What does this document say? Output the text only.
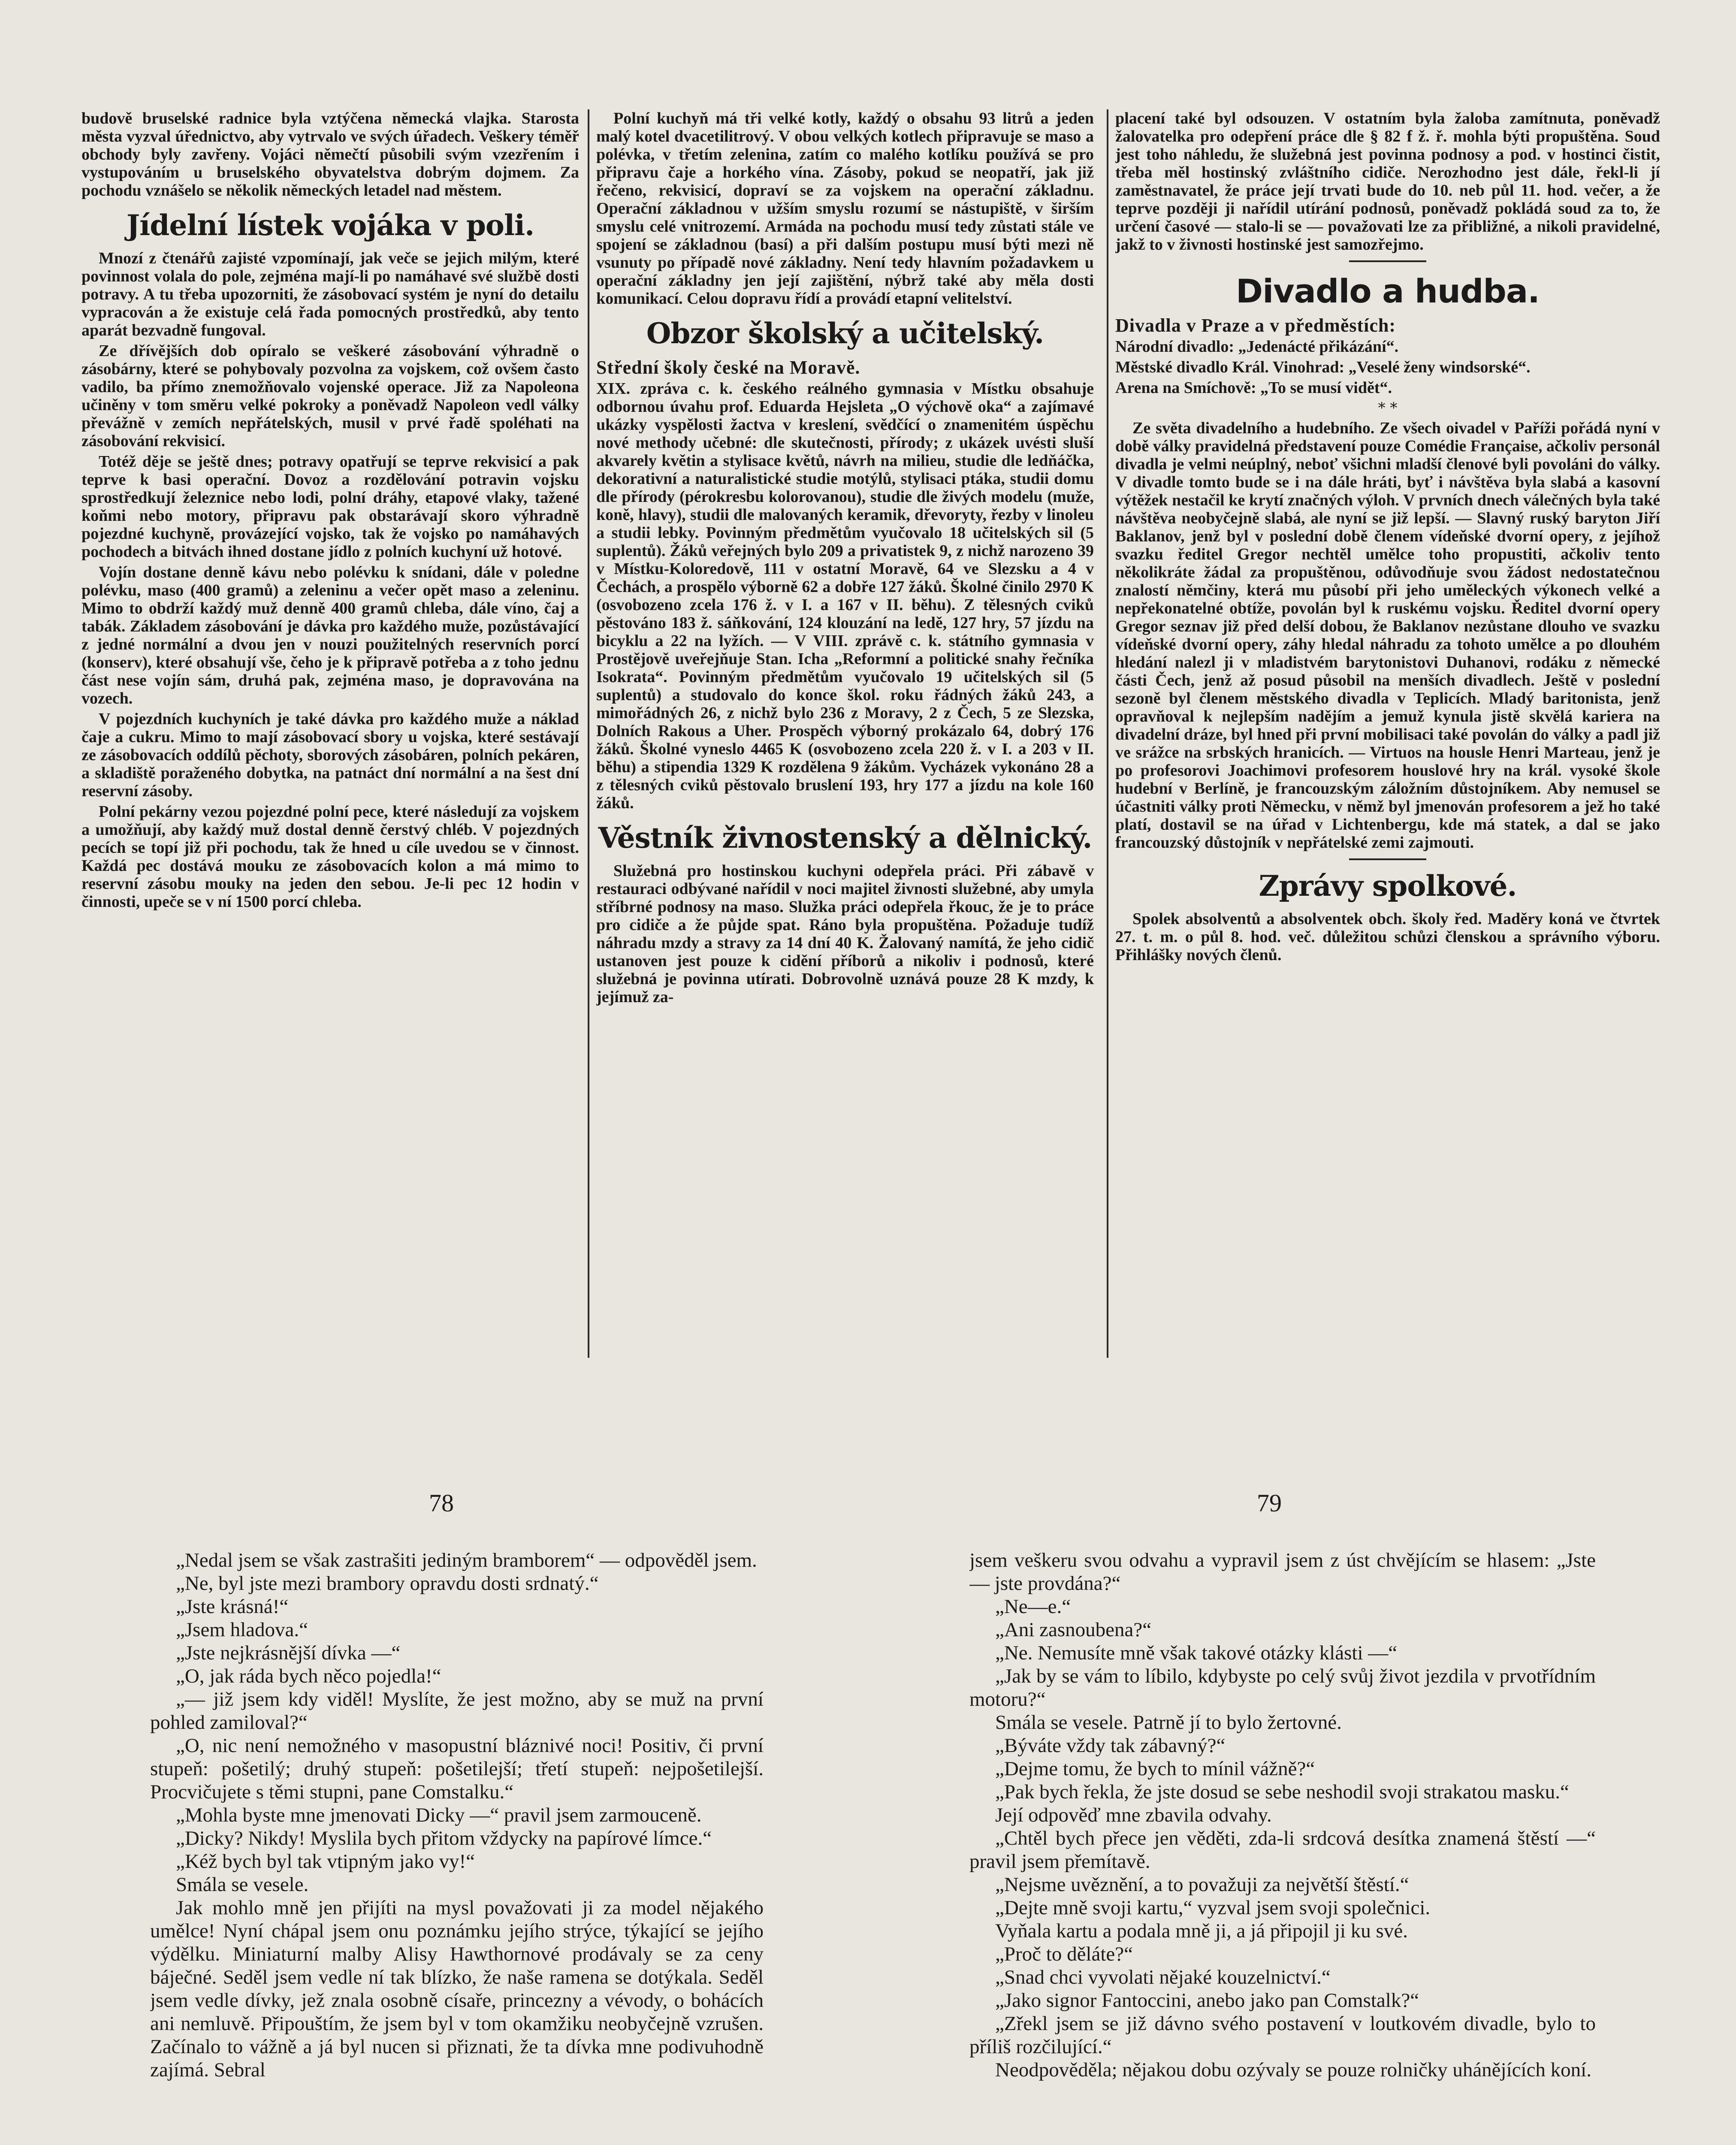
budově bruselské radnice byla vztýčena německá vlajka. Starosta města vyzval úřednictvo, aby vytrvalo ve svých úřadech. Veškery téměř obchody byly zavřeny. Vojáci němečtí působili svým vzezřením i vystupováním u bruselského obyvatelstva dobrým dojmem. Za pochodu vznášelo se několik německých letadel nad městem.

Jídelní lístek vojáka v poli.

Mnozí z čtenářů zajisté vzpomínají, jak veče se jejich milým, které povinnost volala do pole, zejména mají-li po namáhavé své službě dosti potravy. A tu třeba upozorniti, že zásobovací systém je nyní do detailu vypracován a že existuje celá řada pomocných prostředků, aby tento aparát bezvadně fungoval.

Ze dřívějších dob opíralo se veškeré zásobování výhradně o zásobárny, které se pohybovaly pozvolna za vojskem, což ovšem často vadilo, ba přímo znemožňovalo vojenské operace. Již za Napoleona učiněny v tom směru velké pokroky a poněvadž Napoleon vedl války převážně v zemích nepřátelských, musil v prvé řadě spoléhati na zásobování rekvisicí.

Totéž děje se ještě dnes; potravy opatřují se teprve rekvisicí a pak teprve k basi operační. Dovoz a rozdělování potravin vojsku sprostředkují železnice nebo lodi, polní dráhy, etapové vlaky, tažené koňmi nebo motory, připravu pak obstarávají skoro výhradně pojezdné kuchyně, provázející vojsko, tak že vojsko po namáhavých pochodech a bitvách ihned dostane jídlo z polních kuchyní už hotové.

Vojín dostane denně kávu nebo polévku k snídani, dále v poledne polévku, maso (400 gramů) a zeleninu a večer opět maso a zeleninu. Mimo to obdrží každý muž denně 400 gramů chleba, dále víno, čaj a tabák. Základem zásobování je dávka pro každého muže, pozůstávající z jedné normální a dvou jen v nouzi použitelných reservních porcí (konserv), které obsahují vše, čeho je k připravě potřeba a z toho jednu část nese vojín sám, druhá pak, zejména maso, je dopravována na vozech.

V pojezdních kuchyních je také dávka pro každého muže a náklad čaje a cukru. Mimo to mají zásobovací sbory u vojska, které sestávají ze zásobovacích oddílů pěchoty, sborových zásobáren, polních pekáren, a skladiště poraženého dobytka, na patnáct dní normální a na šest dní reservní zásoby.

Polní pekárny vezou pojezdné polní pece, které následují za vojskem a umožňují, aby každý muž dostal denně čerstvý chléb. V pojezdných pecích se topí již při pochodu, tak že hned u cíle uvedou se v činnost. Každá pec dostává mouku ze zásobovacích kolon a má mimo to reservní zásobu mouky na jeden den sebou. Je-li pec 12 hodin v činnosti, upeče se v ní 1500 porcí chleba.

Polní kuchyň má tři velké kotly, každý o obsahu 93 litrů a jeden malý kotel dvacetilitrový. V obou velkých kotlech připravuje se maso a polévka, v třetím zelenina, zatím co malého kotlíku používá se pro připravu čaje a horkého vína. Zásoby, pokud se neopatří, jak již řečeno, rekvisicí, dopraví se za vojskem na operační základnu. Operační základnou v užším smyslu rozumí se nástupiště, v širším smyslu celé vnitrozemí. Armáda na pochodu musí tedy zůstati stále ve spojení se základnou (basí) a při dalším postupu musí býti mezi ně vsunuty po případě nové základny. Není tedy hlavním požadavkem u operační základny jen její zajištění, nýbrž také aby měla dosti komunikací. Celou dopravu řídí a provádí etapní velitelství.

Obzor školský a učitelský.
Střední školy české na Moravě.

XIX. zpráva c. k. českého reálného gymnasia v Místku obsahuje odbornou úvahu prof. Eduarda Hejsleta „O výchově oka“ a zajímavé ukázky vyspělosti žactva v kreslení, svědčící o znamenitém úspěchu nové methody učebné: dle skutečnosti, přírody; z ukázek uvésti sluší akvarely květin a stylisace květů, návrh na milieu, studie dle ledňáčka, dekorativní a naturalistické studie motýlů, stylisaci ptáka, studii domu dle přírody (pérokresbu kolorovanou), studie dle živých modelu (muže, koně, hlavy), studii dle malovaných keramik, dřevoryty, řezby v linoleu a studii lebky. Povinným předmětům vyučovalo 18 učitelských sil (5 suplentů). Žáků veřejných bylo 209 a privatistek 9, z nichž narozeno 39 v Místku-Koloredově, 111 v ostatní Moravě, 64 ve Slezsku a 4 v Čechách, a prospělo výborně 62 a dobře 127 žáků. Školné činilo 2970 K (osvobozeno zcela 176 ž. v I. a 167 v II. běhu). Z tělesných cviků pěstováno 183 ž. sáňkování, 124 klouzání na ledě, 127 hry, 57 jízdu na bicyklu a 22 na lyžích. — V VIII. zprávě c. k. státního gymnasia v Prostějově uveřejňuje Stan. Icha „Reformní a politické snahy řečníka Isokrata“. Povinným předmětům vyučovalo 19 učitelských sil (5 suplentů) a studovalo do konce škol. roku řádných žáků 243, a mimořádných 26, z nichž bylo 236 z Moravy, 2 z Čech, 5 ze Slezska, Dolních Rakous a Uher. Prospěch výborný prokázalo 64, dobrý 176 žáků. Školné vyneslo 4465 K (osvobozeno zcela 220 ž. v I. a 203 v II. běhu) a stipendia 1329 K rozdělena 9 žákům. Vycházek vykonáno 28 a z tělesných cviků pěstovalo bruslení 193, hry 177 a jízdu na kole 160 žáků.

Věstník živnostenský a dělnický.

Služebná pro hostinskou kuchyni odepřela práci. Při zábavě v restauraci odbývané nařídil v noci majitel živnosti služebné, aby umyla stříbrné podnosy na maso. Služka práci odepřela řkouc, že je to práce pro cidiče a že půjde spat. Ráno byla propuštěna. Požaduje tudíž náhradu mzdy a stravy za 14 dní 40 K. Žalovaný namítá, že jeho cidič ustanoven jest pouze k cidění příborů a nikoliv i podnosů, které služebná je povinna utírati. Dobrovolně uznává pouze 28 K mzdy, k jejímuž za-

placení také byl odsouzen. V ostatním byla žaloba zamítnuta, poněvadž žalovatelka pro odepření práce dle § 82 f ž. ř. mohla býti propuštěna. Soud jest toho náhledu, že služebná jest povinna podnosy a pod. v hostinci čistit, třeba měl hostinský zvláštního cidiče. Nerozhodno jest dále, řekl-li jí zaměstnavatel, že práce její trvati bude do 10. neb půl 11. hod. večer, a že teprve později ji nařídil utírání podnosů, poněvadž pokládá soud za to, že určení časové — stalo-li se — považovati lze za přibližné, a nikoli pravidelné, jakž to v živnosti hostinské jest samozřejmo.

Divadlo a hudba.
Divadla v Praze a v předměstích:

Národní divadlo: „Jedenácté přikázání“.

Městské divadlo Král. Vinohrad: „Veselé ženy windsorské“.

Arena na Smíchově: „To se musí vidět“.

* *

Ze světa divadelního a hudebního. Ze všech oivadel v Paříži pořádá nyní v době války pravidelná představení pouze Comédie Française, ačkoliv personál divadla je velmi neúplný, neboť všichni mladší členové byli povoláni do války. V divadle tomto bude se i na dále hráti, byť i návštěva byla slabá a kasovní výtěžek nestačil ke krytí značných výloh. V prvních dnech válečných byla také návštěva neobyčejně slabá, ale nyní se již lepší. — Slavný ruský baryton Jiří Baklanov, jenž byl v poslední době členem vídeňské dvorní opery, z jejíhož svazku ředitel Gregor nechtěl umělce toho propustiti, ačkoliv tento několikráte žádal za propuštěnou, odůvodňuje svou žádost nedostatečnou znalostí němčiny, která mu působí při jeho uměleckých výkonech velké a nepřekonatelné obtíže, povolán byl k ruskému vojsku. Ředitel dvorní opery Gregor seznav již před delší dobou, že Baklanov nezůstane dlouho ve svazku vídeňské dvorní opery, záhy hledal náhradu za tohoto umělce a po dlouhém hledání nalezl ji v mladistvém barytonistovi Duhanovi, rodáku z německé části Čech, jenž až posud působil na menších divadlech. Ještě v poslední sezoně byl členem městského divadla v Teplicích. Mladý baritonista, jenž opravňoval k nejlepším nadějím a jemuž kynula jistě skvělá kariera na divadelní dráze, byl hned při první mobilisaci také povolán do války a padl již ve srážce na srbských hranicích. — Virtuos na housle Henri Marteau, jenž je po profesorovi Joachimovi profesorem houslové hry na král. vysoké škole hudební v Berlíně, je francouzským záložním důstojníkem. Aby nemusel se účastniti války proti Německu, v němž byl jmenován profesorem a jež ho také platí, dostavil se na úřad v Lichtenbergu, kde má statek, a dal se jako francouzský důstojník v nepřátelské zemi zajmouti.

Zprávy spolkové.

Spolek absolventů a absolventek obch. školy řed. Maděry koná ve čtvrtek 27. t. m. o půl 8. hod. več. důležitou schůzi členskou a správního výboru. Přihlášky nových členů.

78	79

„Nedal jsem se však zastrašiti jediným bramborem“ — odpověděl jsem.

„Ne, byl jste mezi brambory opravdu dosti srdnatý.“

„Jste krásná!“

„Jsem hladova.“

„Jste nejkrásnější dívka —“

„O, jak ráda bych něco pojedla!“

„— již jsem kdy viděl! Myslíte, že jest možno, aby se muž na první pohled zamiloval?“

„O, nic není nemožného v masopustní bláznivé noci! Positiv, či první stupeň: pošetilý; druhý stupeň: pošetilejší; třetí stupeň: nejpošetilejší. Procvičujete s těmi stupni, pane Comstalku.“

„Mohla byste mne jmenovati Dicky —“ pravil jsem zarmouceně.

„Dicky? Nikdy! Myslila bych přitom vždycky na papírové límce.“

„Kéž bych byl tak vtipným jako vy!“

Smála se vesele.

Jak mohlo mně jen přijíti na mysl považovati ji za model nějakého umělce! Nyní chápal jsem onu poznámku jejího strýce, týkající se jejího výdělku. Miniaturní malby Alisy Hawthornové prodávaly se za ceny báječné. Seděl jsem vedle ní tak blízko, že naše ramena se dotýkala. Seděl jsem vedle dívky, jež znala osobně císaře, princezny a vévody, o bohácích ani nemluvě. Připouštím, že jsem byl v tom okamžiku neobyčejně vzrušen. Začínalo to vážně a já byl nucen si přiznati, že ta dívka mne podivuhodně zajímá. Sebral

jsem veškeru svou odvahu a vypravil jsem z úst chvějícím se hlasem: „Jste — jste provdána?“

„Ne—e.“

„Ani zasnoubena?“

„Ne. Nemusíte mně však takové otázky klásti —“

„Jak by se vám to líbilo, kdybyste po celý svůj život jezdila v prvotřídním motoru?“

Smála se vesele. Patrně jí to bylo žertovné.

„Býváte vždy tak zábavný?“

„Dejme tomu, že bych to mínil vážně?“

„Pak bych řekla, že jste dosud se sebe neshodil svoji strakatou masku.“

Její odpověď mne zbavila odvahy.

„Chtěl bych přece jen věděti, zda-li srdcová desítka znamená štěstí —“ pravil jsem přemítavě.

„Nejsme uvěznění, a to považuji za největší štěstí.“

„Dejte mně svoji kartu,“ vyzval jsem svoji společnici.

Vyňala kartu a podala mně ji, a já připojil ji ku své.

„Proč to děláte?“

„Snad chci vyvolati nějaké kouzelnictví.“

„Jako signor Fantoccini, anebo jako pan Comstalk?“

„Zřekl jsem se již dávno svého postavení v loutkovém divadle, bylo to příliš rozčilující.“

Neodpověděla; nějakou dobu ozývaly se pouze rolničky uhánějících koní.
